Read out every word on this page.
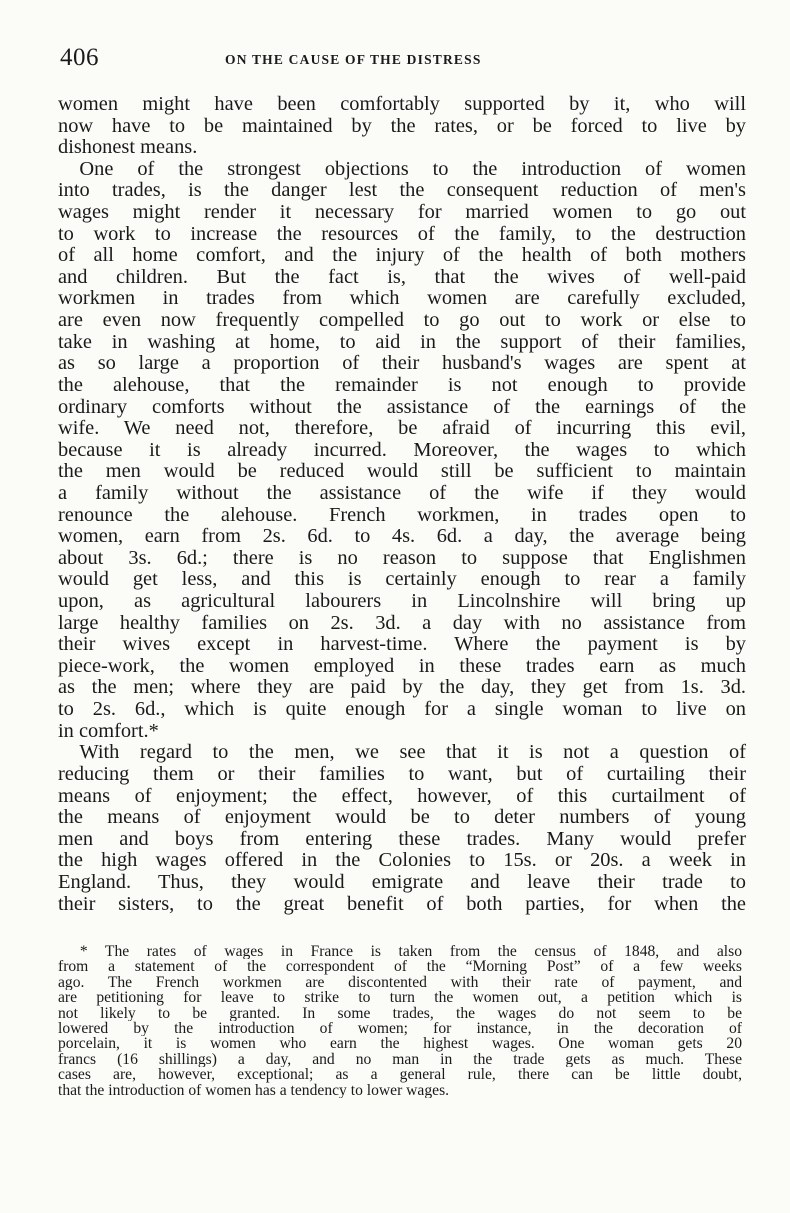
406	ON THE CAUSE OF THE DISTRESS
women might have been comfortably supported by it, who will
now have to be maintained by the rates, or be forced to live by
dishonest means.
One of the strongest objections to the introduction of women
into trades, is the danger lest the consequent reduction of men's
wages might render it necessary for married women to go out
to work to increase the resources of the family, to the destruction
of all home comfort, and the injury of the health of both mothers
and children. But the fact is, that the wives of well-paid
workmen in trades from which women are carefully excluded,
are even now frequently compelled to go out to work or else to
take in washing at home, to aid in the support of their families,
as so large a proportion of their husband's wages are spent at
the alehouse, that the remainder is not enough to provide
ordinary comforts without the assistance of the earnings of the
wife. We need not, therefore, be afraid of incurring this evil,
because it is already incurred. Moreover, the wages to which
the men would be reduced would still be sufficient to maintain
a family without the assistance of the wife if they would
renounce the alehouse. French workmen, in trades open to
women, earn from 2s. 6d. to 4s. 6d. a day, the average being
about 3s. 6d.; there is no reason to suppose that Englishmen
would get less, and this is certainly enough to rear a family
upon, as agricultural labourers in Lincolnshire will bring up
large healthy families on 2s. 3d. a day with no assistance from
their wives except in harvest-time. Where the payment is by
piece-work, the women employed in these trades earn as much
as the men; where they are paid by the day, they get from 1s. 3d.
to 2s. 6d., which is quite enough for a single woman to live on
in comfort.*
With regard to the men, we see that it is not a question of
reducing them or their families to want, but of curtailing their
means of enjoyment; the effect, however, of this curtailment of
the means of enjoyment would be to deter numbers of young
men and boys from entering these trades. Many would prefer
the high wages offered in the Colonies to 15s. or 20s. a week in
England. Thus, they would emigrate and leave their trade to
their sisters, to the great benefit of both parties, for when the
* The rates of wages in France is taken from the census of 1848, and also
from a statement of the correspondent of the “Morning Post” of a few weeks
ago. The French workmen are discontented with their rate of payment, and
are petitioning for leave to strike to turn the women out, a petition which is
not likely to be granted. In some trades, the wages do not seem to be
lowered by the introduction of women; for instance, in the decoration of
porcelain, it is women who earn the highest wages. One woman gets 20
francs (16 shillings) a day, and no man in the trade gets as much. These
cases are, however, exceptional; as a general rule, there can be little doubt,
that the introduction of women has a tendency to lower wages.
